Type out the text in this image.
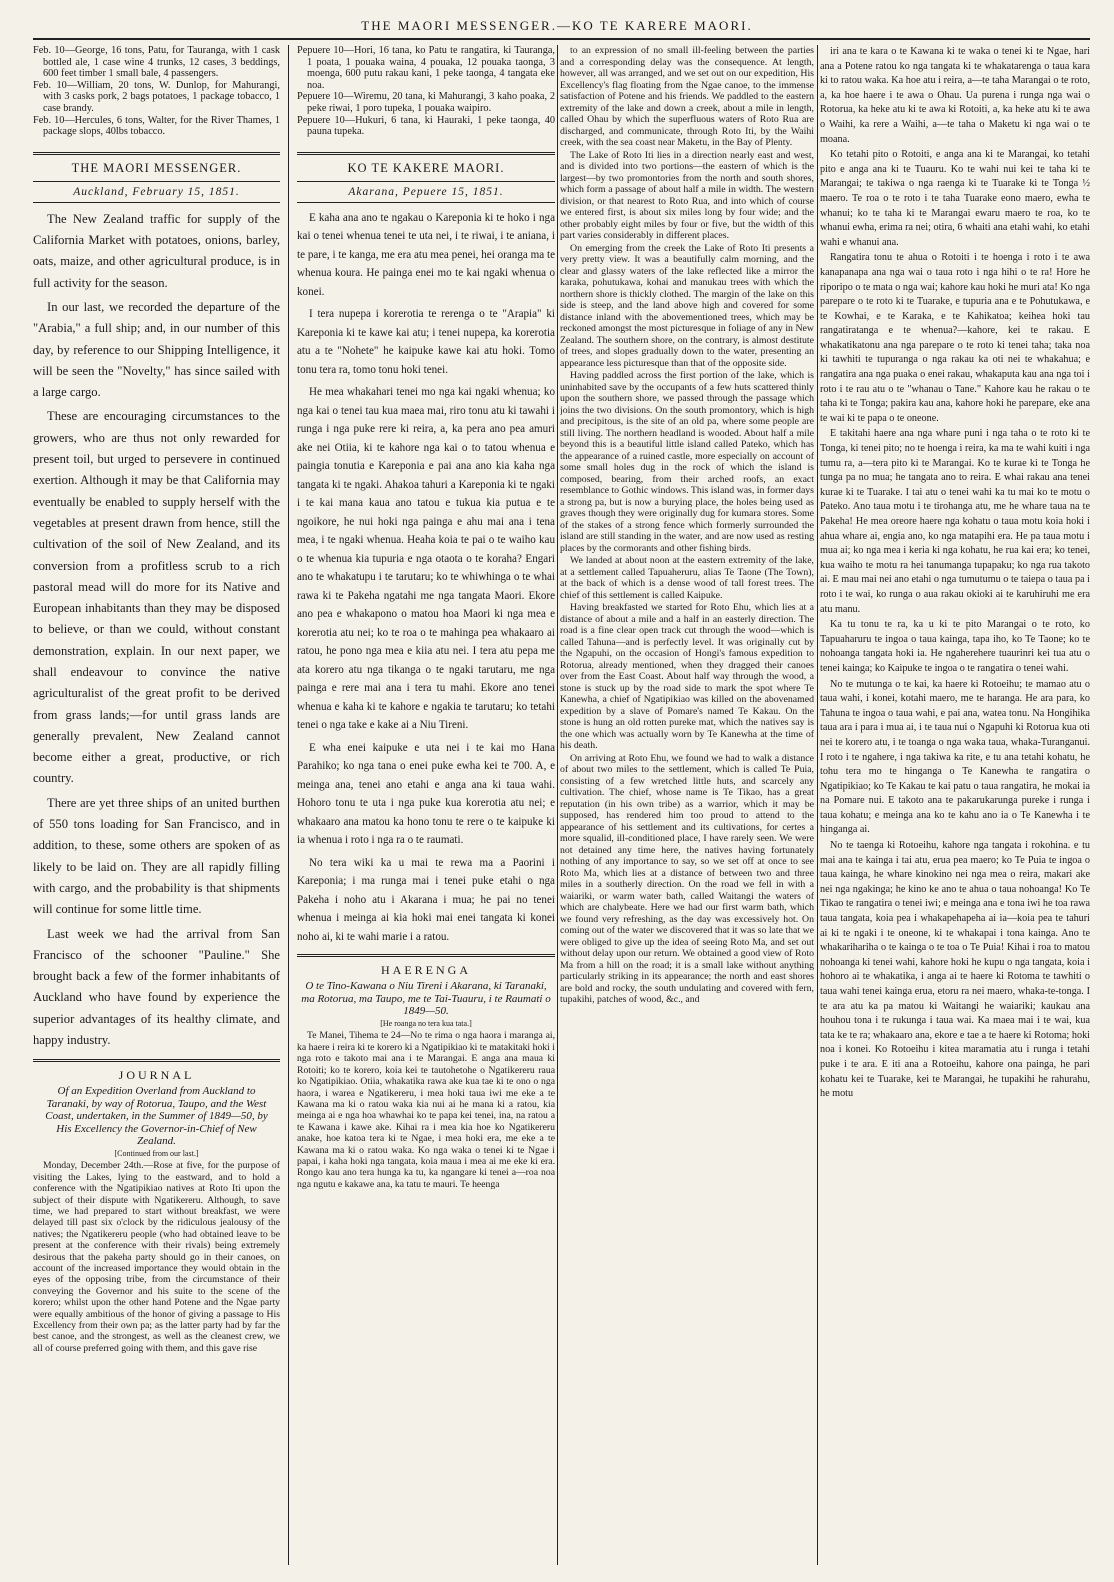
THE MAORI MESSENGER.—KO TE KARERE MAORI.

Feb. 10—George, 16 tons, Patu, for Tauranga, with 1 cask bottled ale, 1 case wine 4 trunks, 12 cases, 3 beddings, 600 feet timber 1 small bale, 4 passengers.

Feb. 10—William, 20 tons, W. Dunlop, for Mahurangi, with 3 casks pork, 2 bags potatoes, 1 package tobacco, 1 case brandy.

Feb. 10—Hercules, 6 tons, Walter, for the River Thames, 1 package slops, 40lbs tobacco.

THE MAORI MESSENGER.
Auckland, February 15, 1851.

The New Zealand traffic for supply of the California Market with potatoes, onions, barley, oats, maize, and other agricultural produce, is in full activity for the season.

In our last, we recorded the departure of the "Arabia," a full ship; and, in our number of this day, by reference to our Shipping Intelligence, it will be seen the "Novelty," has since sailed with a large cargo.

These are encouraging circumstances to the growers, who are thus not only rewarded for present toil, but urged to persevere in continued exertion. Although it may be that California may eventually be enabled to supply herself with the vegetables at present drawn from hence, still the cultivation of the soil of New Zealand, and its conversion from a profitless scrub to a rich pastoral mead will do more for its Native and European inhabitants than they may be disposed to believe, or than we could, without constant demonstration, explain. In our next paper, we shall endeavour to convince the native agriculturalist of the great profit to be derived from grass lands;—for until grass lands are generally prevalent, New Zealand cannot become either a great, productive, or rich country.

There are yet three ships of an united burthen of 550 tons loading for San Francisco, and in addition, to these, some others are spoken of as likely to be laid on. They are all rapidly filling with cargo, and the probability is that shipments will continue for some little time.

Last week we had the arrival from San Francisco of the schooner "Pauline." She brought back a few of the former inhabitants of Auckland who have found by experience the superior advantages of its healthy climate, and happy industry.

JOURNAL
Of an Expedition Overland from Auckland to Taranaki, by way of Rotorua, Taupo, and the West Coast, undertaken, in the Summer of 1849—50, by His Excellency the Governor-in-Chief of New Zealand.
[Continued from our last.]

Monday, December 24th.—Rose at five, for the purpose of visiting the Lakes, lying to the eastward, and to hold a conference with the Ngatipikiao natives at Roto Iti upon the subject of their dispute with Ngatikereru. Although, to save time, we had prepared to start without breakfast, we were delayed till past six o'clock by the ridiculous jealousy of the natives; the Ngatikereru people (who had obtained leave to be present at the conference with their rivals) being extremely desirous that the pakeha party should go in their canoes, on account of the increased importance they would obtain in the eyes of the opposing tribe, from the circumstance of their conveying the Governor and his suite to the scene of the korero; whilst upon the other hand Potene and the Ngae party were equally ambitious of the honor of giving a passage to His Excellency from their own pa; as the latter party had by far the best canoe, and the strongest, as well as the cleanest crew, we all of course preferred going with them, and this gave rise

Pepuere 10—Hori, 16 tana, ko Patu te rangatira, ki Tauranga, 1 poata, 1 pouaka waina, 4 pouaka, 12 pouaka taonga, 3 moenga, 600 putu rakau kani, 1 peke taonga, 4 tangata eke noa.

Pepuere 10—Wiremu, 20 tana, ki Mahurangi, 3 kaho poaka, 2 peke riwai, 1 poro tupeka, 1 pouaka waipiro.

Pepuere 10—Hukuri, 6 tana, ki Hauraki, 1 peke taonga, 40 pauna tupeka.

KO TE KAKERE MAORI.
Akarana, Pepuere 15, 1851.

E kaha ana ano te ngakau o Kareponia ki te hoko i nga kai o tenei whenua tenei te uta nei, i te riwai, i te aniana, i te pare, i te kanga, me era atu mea penei, hei oranga ma te whenua koura. He painga enei mo te kai ngaki whenua o konei.

I tera nupepa i korerotia te rerenga o te "Arapia" ki Kareponia ki te kawe kai atu; i tenei nupepa, ka korerotia atu a te "Nohete" he kaipuke kawe kai atu hoki. Tomo tonu tera ra, tomo tonu hoki tenei.

He mea whakahari tenei mo nga kai ngaki whenua; ko nga kai o tenei tau kua maea mai, riro tonu atu ki tawahi i runga i nga puke rere ki reira, a, ka pera ano pea amuri ake nei Otiia, ki te kahore nga kai o to tatou whenua e paingia tonutia e Kareponia e pai ana ano kia kaha nga tangata ki te ngaki. Ahakoa tahuri a Kareponia ki te ngaki i te kai mana kaua ano tatou e tukua kia putua e te ngoikore, he nui hoki nga painga e ahu mai ana i tena mea, i te ngaki whenua. Heaha koia te pai o te waiho kau o te whenua kia tupuria e nga otaota o te koraha? Engari ano te whakatupu i te tarutaru; ko te whiwhinga o te whai rawa ki te Pakeha ngatahi me nga tangata Maori. Ekore ano pea e whakapono o matou hoa Maori ki nga mea e korerotia atu nei; ko te roa o te mahinga pea whakaaro ai ratou, he pono nga mea e kiia atu nei. I tera atu pepa me ata korero atu nga tikanga o te ngaki tarutaru, me nga painga e rere mai ana i tera tu mahi. Ekore ano tenei whenua e kaha ki te kahore e ngakia te tarutaru; ko tetahi tenei o nga take e kake ai a Niu Tireni.

E wha enei kaipuke e uta nei i te kai mo Hana Parahiko; ko nga tana o enei puke ewha kei te 700. A, e meinga ana, tenei ano etahi e anga ana ki taua wahi. Hohoro tonu te uta i nga puke kua korerotia atu nei; e whakaaro ana matou ka hono tonu te rere o te kaipuke ki ia whenua i roto i nga ra o te raumati.

No tera wiki ka u mai te rewa ma a Paorini i Kareponia; i ma runga mai i tenei puke etahi o nga Pakeha i noho atu i Akarana i mua; he pai no tenei whenua i meinga ai kia hoki mai enei tangata ki konei noho ai, ki te wahi marie i a ratou.

HAERENGA
O te Tino-Kawana o Niu Tireni i Akarana, ki Taranaki, ma Rotorua, ma Taupo, me te Tai-Tuauru, i te Raumati o 1849—50.
[He roanga no tera kua tata.]

Te Manei, Tihema te 24—No te rima o nga haora i maranga ai, ka haere i reira ki te korero ki a Ngatipikiao ki te matakitaki hoki i nga roto e takoto mai ana i te Marangai. E anga ana maua ki Rotoiti; ko te korero, koia kei te tautohetohe o Ngatikereru raua ko Ngatipikiao. Otiia, whakatika rawa ake kua tae ki te ono o nga haora, i warea e Ngatikereru, i mea hoki taua iwi me eke a te Kawana ma ki o ratou waka kia nui ai he mana ki a ratou, kia meinga ai e nga hoa whawhai ko te papa kei tenei, ina, na ratou a te Kawana i kawe ake. Kihai ra i mea kia hoe ko Ngatikereru anake, hoe katoa tera ki te Ngae, i mea hoki era, me eke a te Kawana ma ki o ratou waka. Ko nga waka o tenei ki te Ngae i papai, i kaha hoki nga tangata, koia maua i mea ai me eke ki era. Rongo kau ano tera hunga ka tu, ka ngangare ki tenei a—roa noa nga ngutu e kakawe ana, ka tatu te mauri. Te heenga

to an expression of no small ill-feeling between the parties and a corresponding delay was the consequence. At length, however, all was arranged, and we set out on our expedition, His Excellency's flag floating from the Ngae canoe, to the immense satisfaction of Potene and his friends. We paddled to the eastern extremity of the lake and down a creek, about a mile in length, called Ohau by which the superfluous waters of Roto Rua are discharged, and communicate, through Roto Iti, by the Waihi creek, with the sea coast near Maketu, in the Bay of Plenty.

The Lake of Roto Iti lies in a direction nearly east and west, and is divided into two portions—the eastern of which is the largest—by two promontories from the north and south shores, which form a passage of about half a mile in width. The western division, or that nearest to Roto Rua, and into which of course we entered first, is about six miles long by four wide; and the other probably eight miles by four or five, but the width of this part varies considerably in different places.

On emerging from the creek the Lake of Roto Iti presents a very pretty view. It was a beautifully calm morning, and the clear and glassy waters of the lake reflected like a mirror the karaka, pohutukawa, kohai and manukau trees with which the northern shore is thickly clothed. The margin of the lake on this side is steep, and the land above high and covered for some distance inland with the abovementioned trees, which may be reckoned amongst the most picturesque in foliage of any in New Zealand. The southern shore, on the contrary, is almost destitute of trees, and slopes gradually down to the water, presenting an appearance less picturesque than that of the opposite side.

Having paddled across the first portion of the lake, which is uninhabited save by the occupants of a few huts scattered thinly upon the southern shore, we passed through the passage which joins the two divisions. On the south promontory, which is high and precipitous, is the site of an old pa, where some people are still living. The northern headland is wooded. About half a mile beyond this is a beautiful little island called Pateko, which has the appearance of a ruined castle, more especially on account of some small holes dug in the rock of which the island is composed, bearing, from their arched roofs, an exact resemblance to Gothic windows. This island was, in former days a strong pa, but is now a burying place, the holes being used as graves though they were originally dug for kumara stores. Some of the stakes of a strong fence which formerly surrounded the island are still standing in the water, and are now used as resting places by the cormorants and other fishing birds.

We landed at about noon at the eastern extremity of the lake, at a settlement called Tapuaheruru, alias Te Taone (The Town), at the back of which is a dense wood of tall forest trees. The chief of this settlement is called Kaipuke.

Having breakfasted we started for Roto Ehu, which lies at a distance of about a mile and a half in an easterly direction. The road is a fine clear open track cut through the wood—which is called Tahuna—and is perfectly level. It was originally cut by the Ngapuhi, on the occasion of Hongi's famous expedition to Rotorua, already mentioned, when they dragged their canoes over from the East Coast. About half way through the wood, a stone is stuck up by the road side to mark the spot where Te Kanewha, a chief of Ngatipikiao was killed on the abovenamed expedition by a slave of Pomare's named Te Kakau. On the stone is hung an old rotten pureke mat, which the natives say is the one which was actually worn by Te Kanewha at the time of his death.

On arriving at Roto Ehu, we found we had to walk a distance of about two miles to the settlement, which is called Te Puia, consisting of a few wretched little huts, and scarcely any cultivation. The chief, whose name is Te Tikao, has a great reputation (in his own tribe) as a warrior, which it may be supposed, has rendered him too proud to attend to the appearance of his settlement and its cultivations, for certes a more squalid, ill-conditioned place, I have rarely seen. We were not detained any time here, the natives having fortunately nothing of any importance to say, so we set off at once to see Roto Ma, which lies at a distance of between two and three miles in a southerly direction. On the road we fell in with a waiariki, or warm water bath, called Waitangi the waters of which are chalybeate. Here we had our first warm bath, which we found very refreshing, as the day was excessively hot. On coming out of the water we discovered that it was so late that we were obliged to give up the idea of seeing Roto Ma, and set out without delay upon our return. We obtained a good view of Roto Ma from a hill on the road; it is a small lake without anything particularly striking in its appearance; the north and east shores are bold and rocky, the south undulating and covered with fern, tupakihi, patches of wood, &c., and

iri ana te kara o te Kawana ki te waka o tenei ki te Ngae, hari ana a Potene ratou ko nga tangata ki te whakatarenga o taua kara ki to ratou waka. Ka hoe atu i reira, a—te taha Marangai o te roto, a, ka hoe haere i te awa o Ohau. Ua purena i runga nga wai o Rotorua, ka heke atu ki te awa ki Rotoiti, a, ka heke atu ki te awa o Waihi, ka rere a Waihi, a—te taha o Maketu ki nga wai o te moana.

Ko tetahi pito o Rotoiti, e anga ana ki te Marangai, ko tetahi pito e anga ana ki te Tuauru. Ko te wahi nui kei te taha ki te Marangai; te takiwa o nga raenga ki te Tuarake ki te Tonga ½ maero. Te roa o te roto i te taha Tuarake eono maero, ewha te whanui; ko te taha ki te Marangai ewaru maero te roa, ko te whanui ewha, erima ra nei; otira, 6 whaiti ana etahi wahi, ko etahi wahi e whanui ana.

Rangatira tonu te ahua o Rotoiti i te hoenga i roto i te awa kanapanapa ana nga wai o taua roto i nga hihi o te ra! Hore he riporipo o te mata o nga wai; kahore kau hoki he muri ata! Ko nga parepare o te roto ki te Tuarake, e tupuria ana e te Pohutukawa, e te Kowhai, e te Karaka, e te Kahikatoa; keihea hoki tau rangatiratanga e te whenua?—kahore, kei te rakau. E whakatikatonu ana nga parepare o te roto ki tenei taha; taka noa ki tawhiti te tupuranga o nga rakau ka oti nei te whakahua; e rangatira ana nga puaka o enei rakau, whakaputa kau ana nga toi i roto i te rau atu o te "whanau o Tane." Kahore kau he rakau o te taha ki te Tonga; pakira kau ana, kahore hoki he parepare, eke ana te wai ki te papa o te oneone.

E takitahi haere ana nga whare puni i nga taha o te roto ki te Tonga, ki tenei pito; no te hoenga i reira, ka ma te wahi kuiti i nga tumu ra, a—tera pito ki te Marangai. Ko te kurae ki te Tonga he tunga pa no mua; he tangata ano to reira. E whai rakau ana tenei kurae ki te Tuarake. I tai atu o tenei wahi ka tu mai ko te motu o Pateko. Ano taua motu i te tirohanga atu, me he whare taua na te Pakeha! He mea oreore haere nga kohatu o taua motu koia hoki i ahua whare ai, engia ano, ko nga matapihi era. He pa taua motu i mua ai; ko nga mea i keria ki nga kohatu, he rua kai era; ko tenei, kua waiho te motu ra hei tanumanga tupapaku; ko nga rua takoto ai. E mau mai nei ano etahi o nga tumutumu o te taiepa o taua pa i roto i te wai, ko runga o aua rakau okioki ai te karuhiruhi me era atu manu.

Ka tu tonu te ra, ka u ki te pito Marangai o te roto, ko Tapuaharuru te ingoa o taua kainga, tapa iho, ko Te Taone; ko te nohoanga tangata hoki ia. He ngaherehere tuaurinri kei tua atu o tenei kainga; ko Kaipuke te ingoa o te rangatira o tenei wahi.

No te mutunga o te kai, ka haere ki Rotoeihu; te mamao atu o taua wahi, i konei, kotahi maero, me te haranga. He ara para, ko Tahuna te ingoa o taua wahi, e pai ana, watea tonu. Na Hongihika taua ara i para i mua ai, i te taua nui o Ngapuhi ki Rotorua kua oti nei te korero atu, i te toanga o nga waka taua, whaka-Turanganui. I roto i te ngahere, i nga takiwa ka rite, e tu ana tetahi kohatu, he tohu tera mo te hinganga o Te Kanewha te rangatira o Ngatipikiao; ko Te Kakau te kai patu o taua rangatira, he mokai ia na Pomare nui. E takoto ana te pakarukarunga pureke i runga i taua kohatu; e meinga ana ko te kahu ano ia o Te Kanewha i te hinganga ai.

No te taenga ki Rotoeihu, kahore nga tangata i rokohina. e tu mai ana te kainga i tai atu, erua pea maero; ko Te Puia te ingoa o taua kainga, he whare kinokino nei nga mea o reira, makari ake nei nga ngakinga; he kino ke ano te ahua o taua nohoanga! Ko Te Tikao te rangatira o tenei iwi; e meinga ana e tona iwi he toa rawa taua tangata, koia pea i whakapehapeha ai ia—koia pea te tahuri ai ki te ngaki i te oneone, ki te whakapai i tona kainga. Ano te whakarihariha o te kainga o te toa o Te Puia! Kihai i roa to matou nohoanga ki tenei wahi, kahore hoki he kupu o nga tangata, koia i hohoro ai te whakatika, i anga ai te haere ki Rotoma te tawhiti o taua wahi tenei kainga erua, etoru ra nei maero, whaka-te-tonga. I te ara atu ka pa matou ki Waitangi he waiariki; kaukau ana houhou tona i te rukunga i taua wai. Ka maea mai i te wai, kua tata ke te ra; whakaaro ana, ekore e tae a te haere ki Rotoma; hoki noa i konei. Ko Rotoeihu i kitea maramatia atu i runga i tetahi puke i te ara. E iti ana a Rotoeihu, kahore ona painga, he pari kohatu kei te Tuarake, kei te Marangai, he tupakihi he rahurahu, he motu
